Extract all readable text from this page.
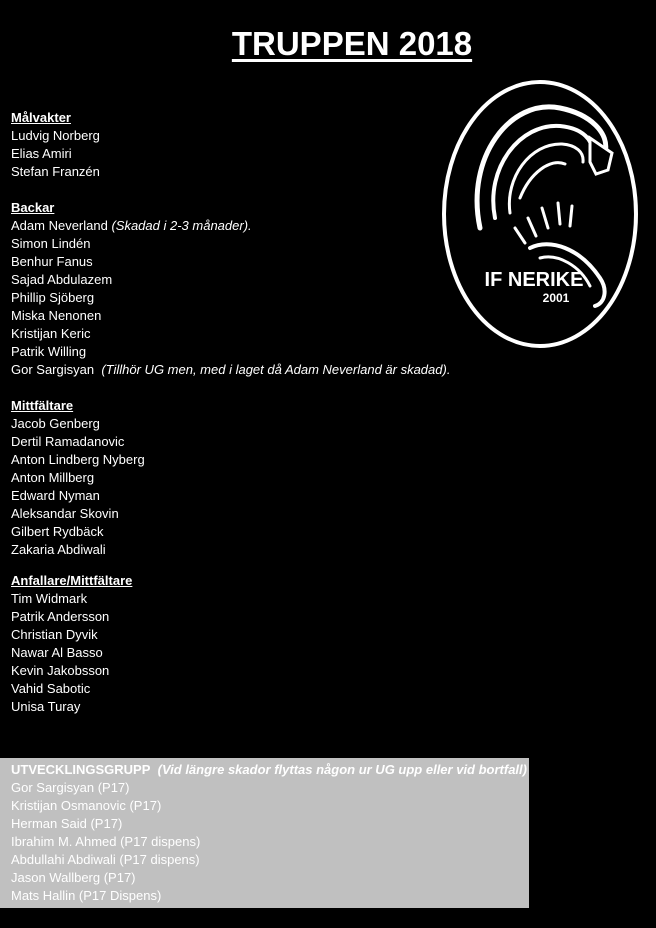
TRUPPEN 2018
IF NERIKE
2001
Målvakter
Ludvig Norberg
Elias Amiri
Stefan Franzén
Backar
Adam Neverland (Skadad i 2-3 månader).
Simon Lindén
Benhur Fanus
Sajad Abdulazem
Phillip Sjöberg
Miska Nenonen
Kristijan Keric
Patrik Willing
Gor Sargisyan (Tillhör UG men, med i laget då Adam Neverland är skadad).
Mittfältare
Jacob Genberg
Dertil Ramadanovic
Anton Lindberg Nyberg
Anton Millberg
Edward Nyman
Aleksandar Skovin
Gilbert Rydbäck
Zakaria Abdiwali
Anfallare/Mittfältare
Tim Widmark
Patrik Andersson
Christian Dyvik
Nawar Al Basso
Kevin Jakobsson
Vahid Sabotic
Unisa Turay
UTVECKLINGSGRUPP (Vid längre skador flyttas någon ur UG upp eller vid bortfall)
Gor Sargisyan (P17)
Kristijan Osmanovic (P17)
Herman Said (P17)
Ibrahim M. Ahmed (P17 dispens)
Abdullahi Abdiwali (P17 dispens)
Jason Wallberg (P17)
Mats Hallin (P17 Dispens)
